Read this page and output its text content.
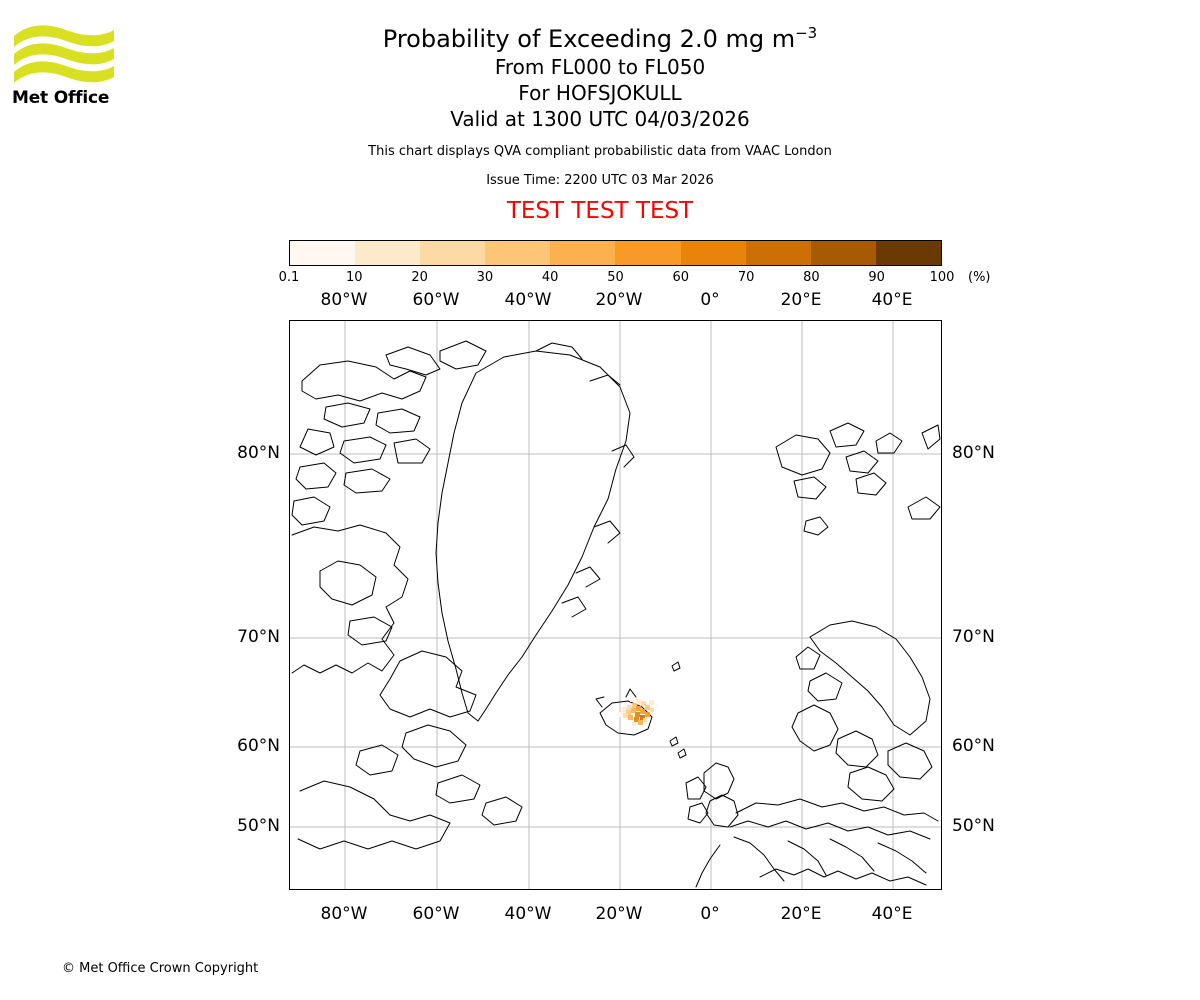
Met Office
Probability of Exceeding 2.0 mg $m^{-3}$
From FL000 to FL050
For HOFSJOKULL
Valid at 1300 UTC 04/03/2026
This chart displays QVA compliant probabilistic data from VAAC London
Issue Time: 2200 UTC 03 Mar 2026
TEST TEST TEST
0.1	10	20	30	40	50	60	70	80	90	100 (%)
80°W	60°W	40°W	20°W	0°	20°E	40°E
80°W	60°W	40°W	20°W	0°	20°E	40°E
80°N
70°N
60°N
50°N
80°N
70°N
60°N
50°N
© Met Office Crown Copyright
